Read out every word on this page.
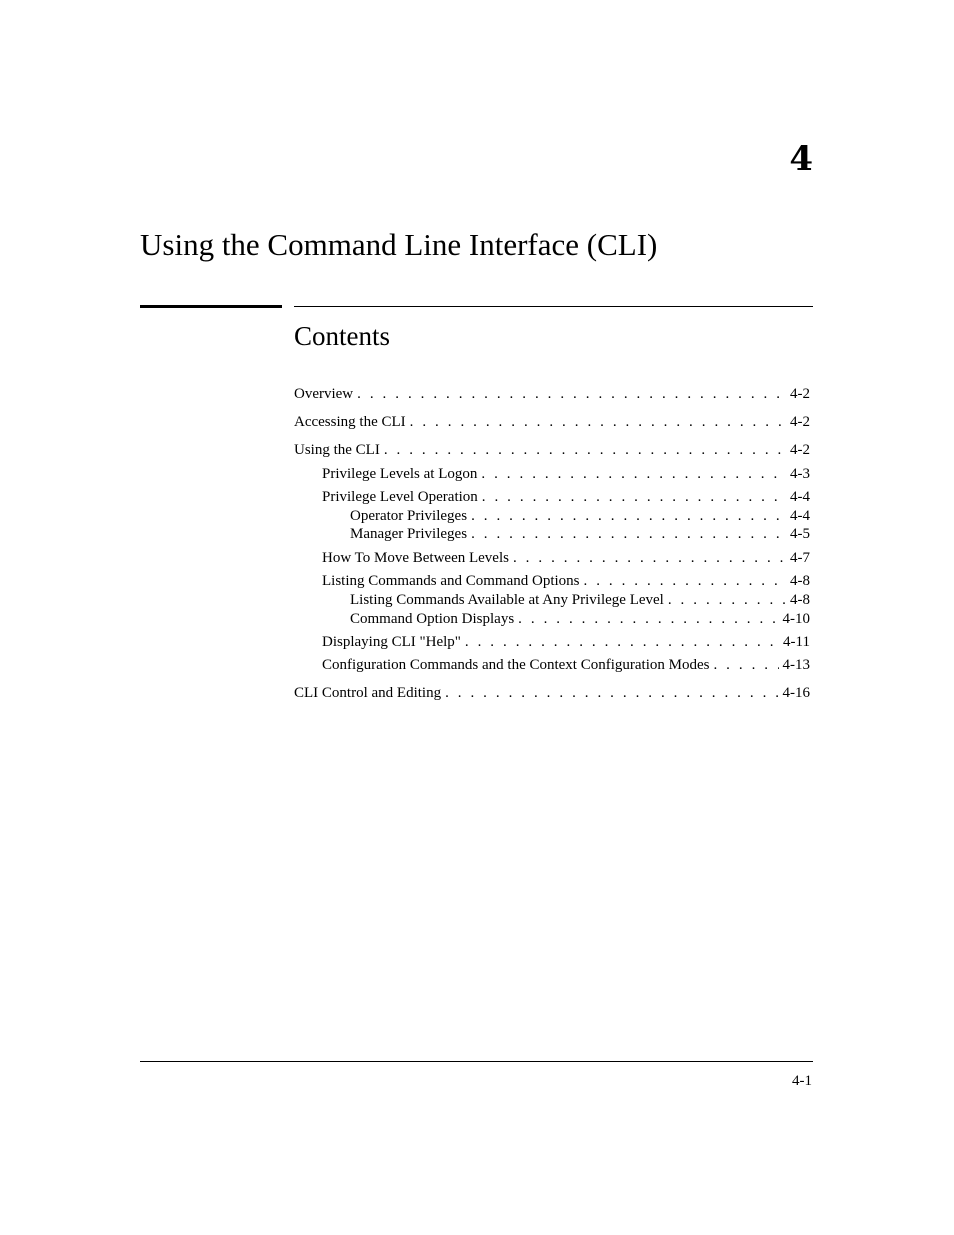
4
Using the Command Line Interface (CLI)
Contents
Overview . . .	4-2
Accessing the CLI . . .	4-2
Using the CLI . . .	4-2
Privilege Levels at Logon . . .	4-3
Privilege Level Operation . . .	4-4
Operator Privileges . . .	4-4
Manager Privileges . . .	4-5
How To Move Between Levels . . .	4-7
Listing Commands and Command Options . . .	4-8
Listing Commands Available at Any Privilege Level . . .	4-8
Command Option Displays . . .	4-10
Displaying CLI "Help" . . .	4-11
Configuration Commands and the Context Configuration Modes . . .	4-13
CLI Control and Editing . . .	4-16
4-1
